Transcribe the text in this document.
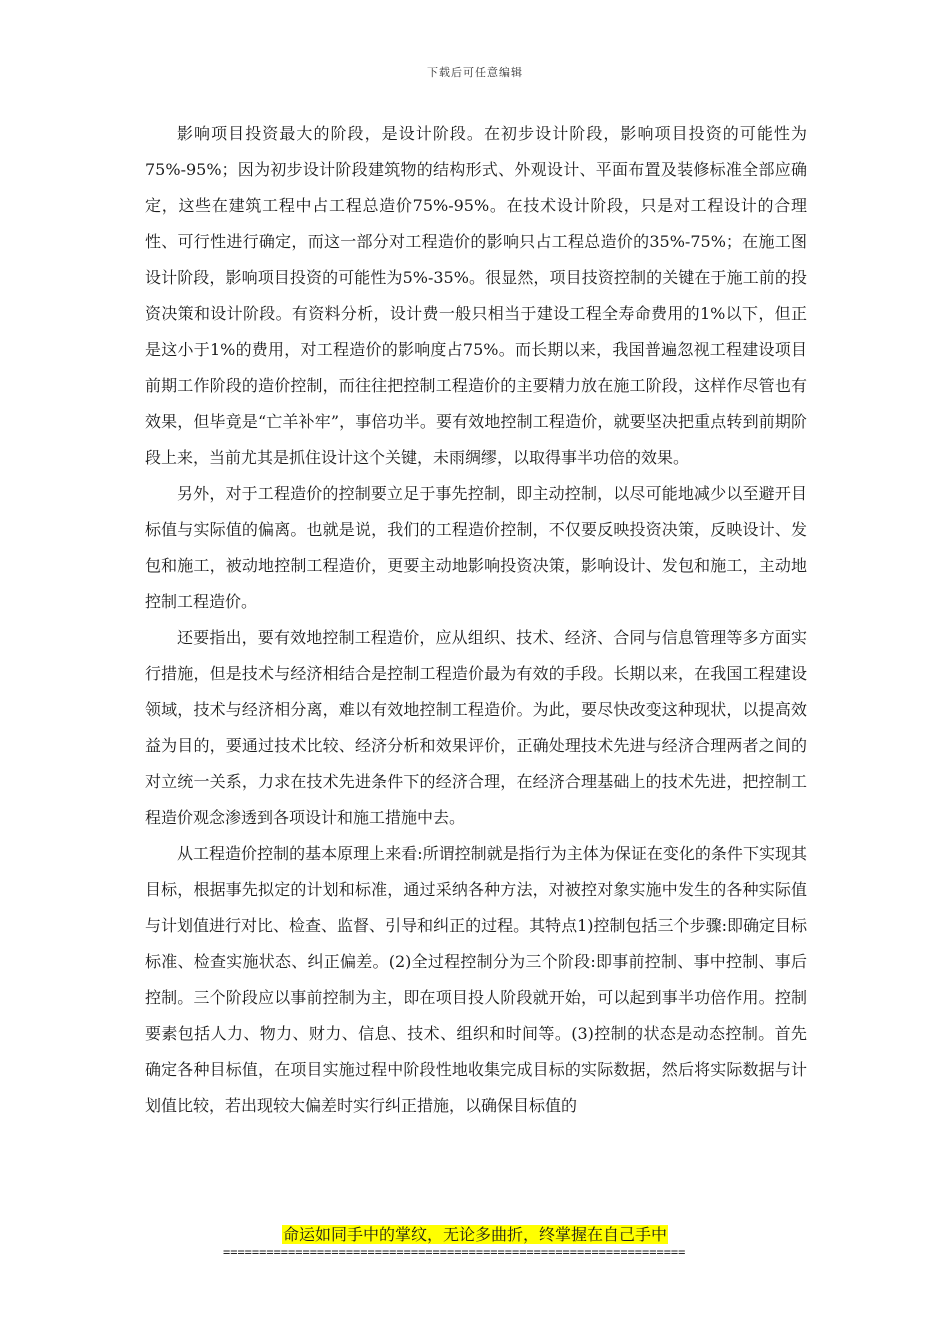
下载后可任意编辑

影响项目投资最大的阶段，是设计阶段。在初步设计阶段，影响项目投资的可能性为75%-95%；因为初步设计阶段建筑物的结构形式、外观设计、平面布置及装修标准全部应确定，这些在建筑工程中占工程总造价75%-95%。在技术设计阶段，只是对工程设计的合理性、可行性进行确定，而这一部分对工程造价的影响只占工程总造价的35%-75%；在施工图设计阶段，影响项目投资的可能性为5%-35%。很显然，项目技资控制的关键在于施工前的投资决策和设计阶段。有资料分析，设计费一般只相当于建设工程全寿命费用的1%以下，但正是这小于1%的费用，对工程造价的影响度占75%。而长期以来，我国普遍忽视工程建设项目前期工作阶段的造价控制，而往往把控制工程造价的主要精力放在施工阶段，这样作尽管也有效果，但毕竟是“亡羊补牢”，事倍功半。要有效地控制工程造价，就要坚决把重点转到前期阶段上来，当前尤其是抓住设计这个关键，未雨绸缪，以取得事半功倍的效果。

另外，对于工程造价的控制要立足于事先控制，即主动控制，以尽可能地减少以至避开目标值与实际值的偏离。也就是说，我们的工程造价控制，不仅要反映投资决策，反映设计、发包和施工，被动地控制工程造价，更要主动地影响投资决策，影响设计、发包和施工，主动地控制工程造价。

还要指出，要有效地控制工程造价，应从组织、技术、经济、合同与信息管理等多方面实行措施，但是技术与经济相结合是控制工程造价最为有效的手段。长期以来，在我国工程建设领域，技术与经济相分离，难以有效地控制工程造价。为此，要尽快改变这种现状，以提高效益为目的，要通过技术比较、经济分析和效果评价，正确处理技术先进与经济合理两者之间的对立统一关系，力求在技术先进条件下的经济合理，在经济合理基础上的技术先进，把控制工程造价观念渗透到各项设计和施工措施中去。

从工程造价控制的基本原理上来看:所谓控制就是指行为主体为保证在变化的条件下实现其目标，根据事先拟定的计划和标准，通过采纳各种方法，对被控对象实施中发生的各种实际值与计划值进行对比、检查、监督、引导和纠正的过程。其特点1)控制包括三个步骤:即确定目标标准、检查实施状态、纠正偏差。(2)全过程控制分为三个阶段:即事前控制、事中控制、事后控制。三个阶段应以事前控制为主，即在项目投人阶段就开始，可以起到事半功倍作用。控制要素包括人力、物力、财力、信息、技术、组织和时间等。(3)控制的状态是动态控制。首先确定各种目标值，在项目实施过程中阶段性地收集完成目标的实际数据，然后将实际数据与计划值比较，若出现较大偏差时实行纠正措施，以确保目标值的

命运如同手中的掌纹，无论多曲折，终掌握在自己手中
================================================================
